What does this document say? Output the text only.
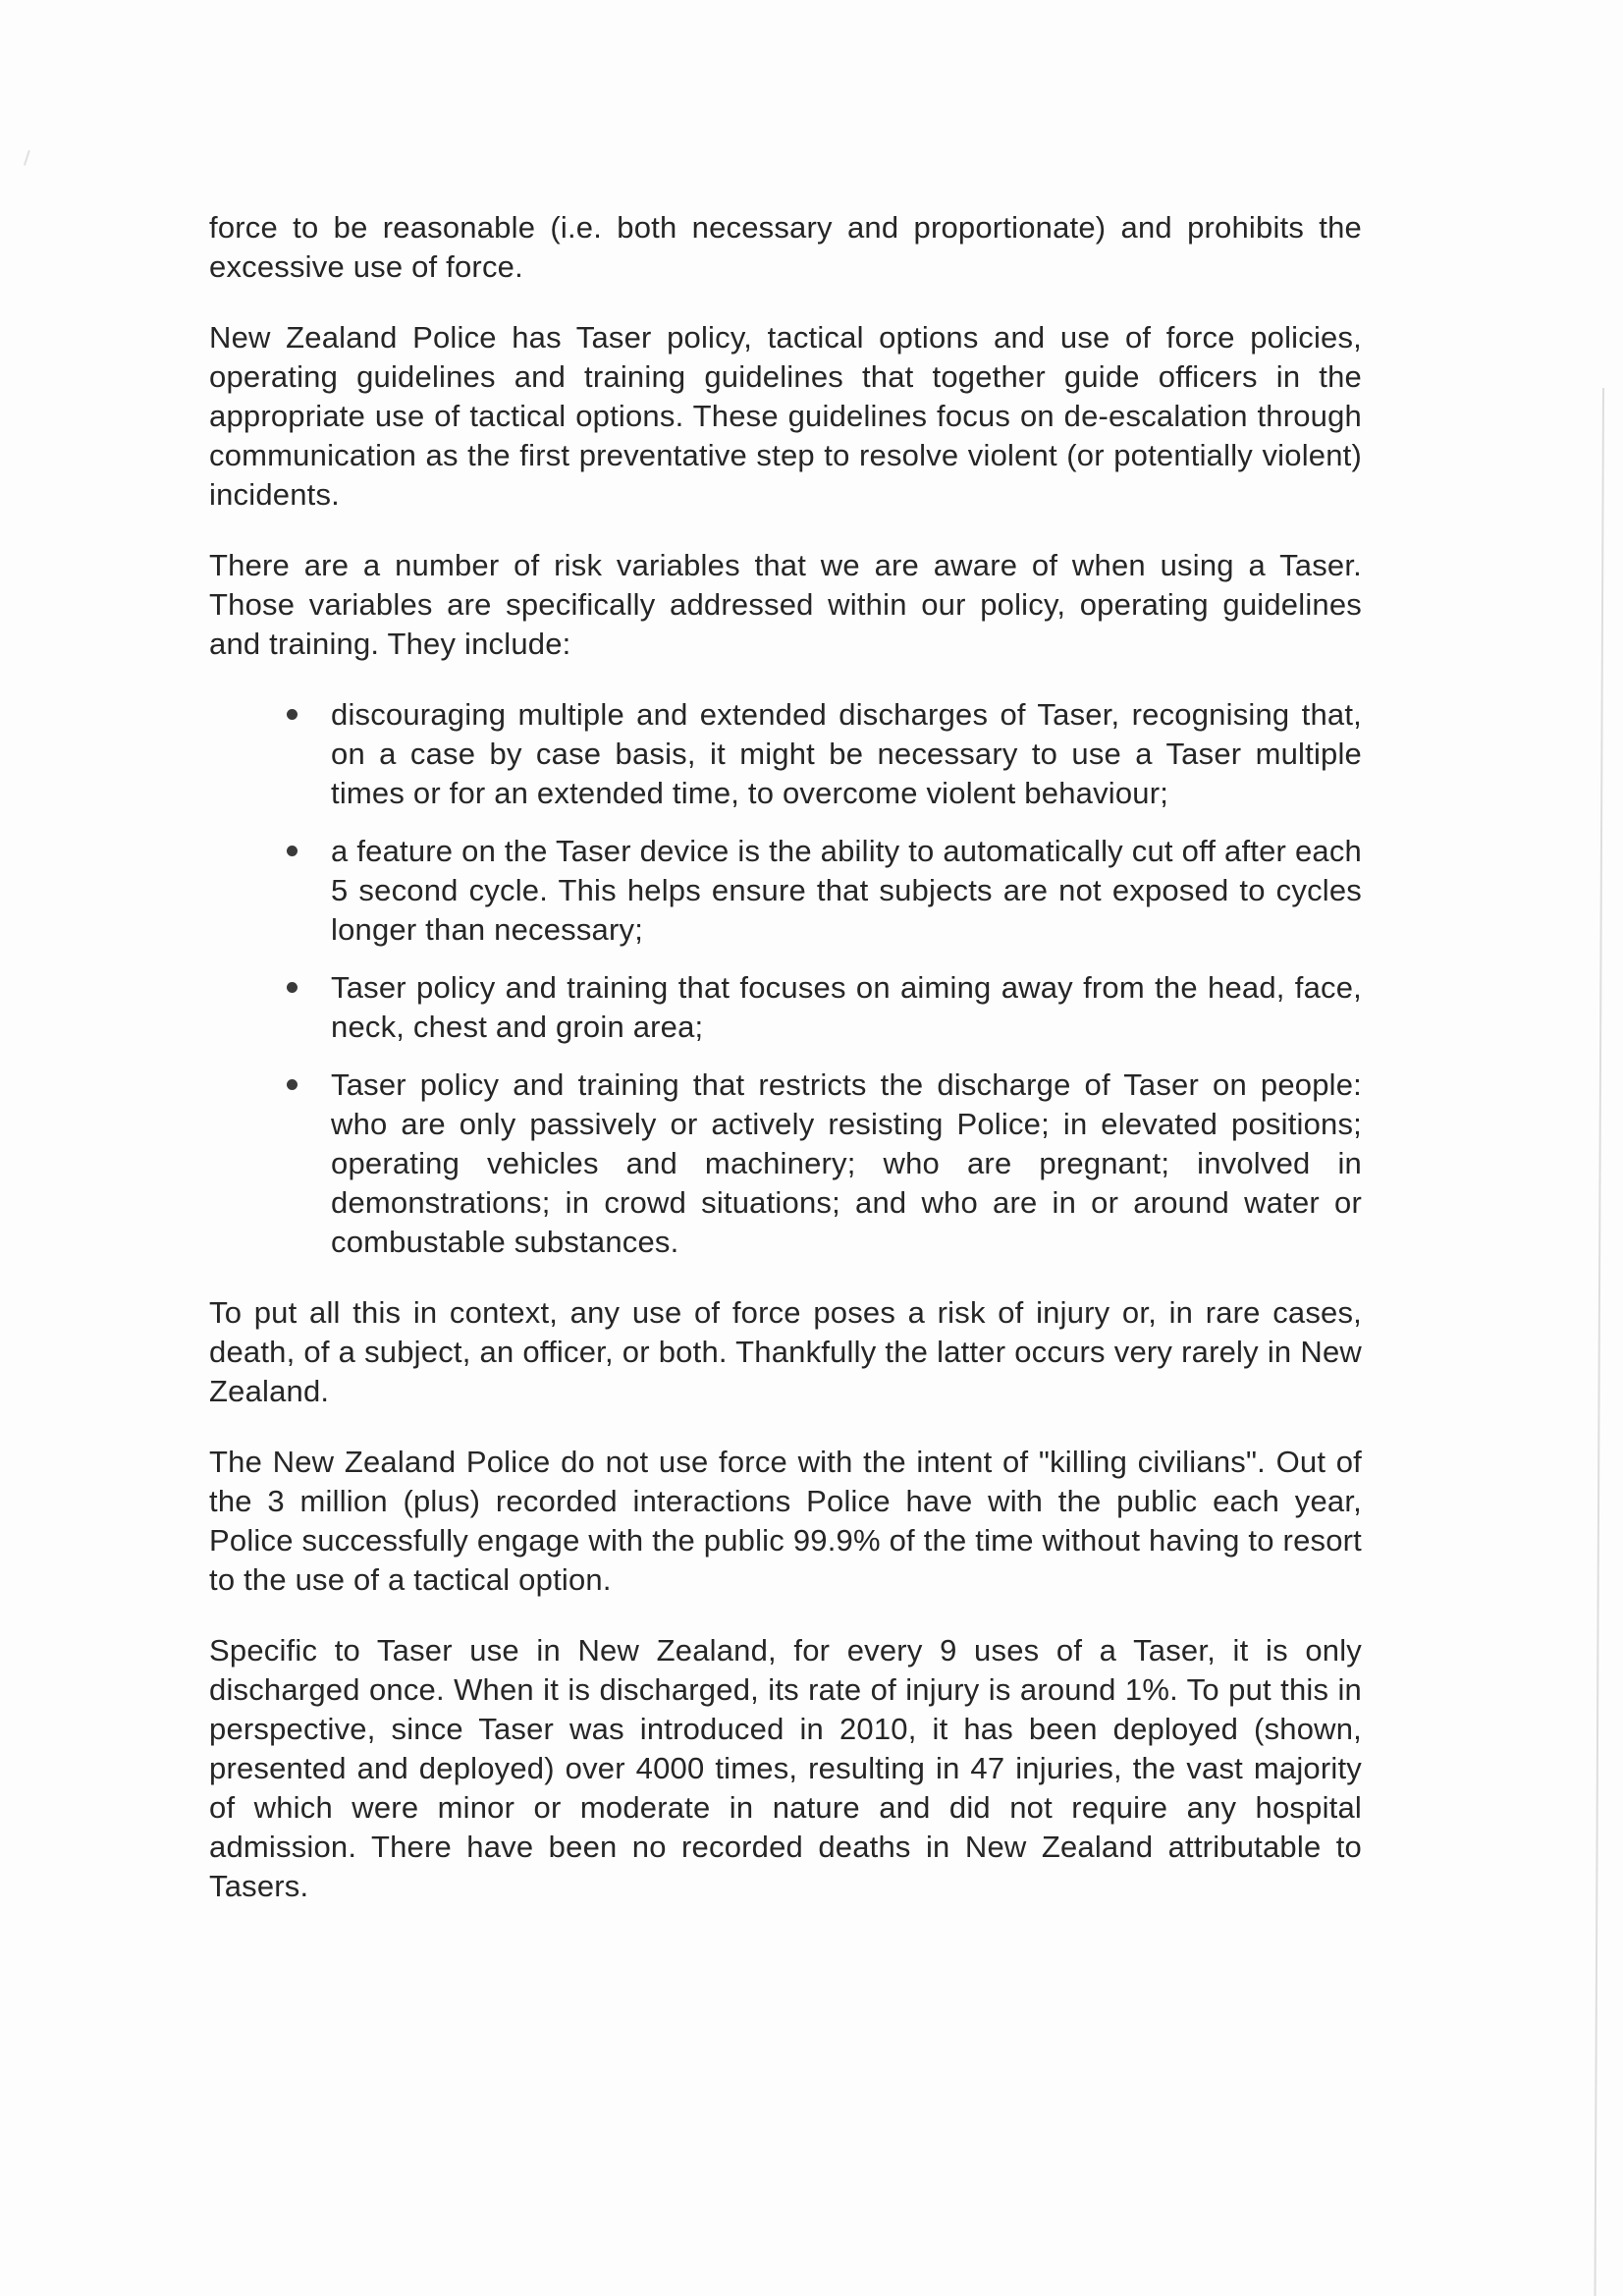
force to be reasonable (i.e. both necessary and proportionate) and prohibits the excessive use of force.

New Zealand Police has Taser policy, tactical options and use of force policies, operating guidelines and training guidelines that together guide officers in the appropriate use of tactical options. These guidelines focus on de-escalation through communication as the first preventative step to resolve violent (or potentially violent) incidents.

There are a number of risk variables that we are aware of when using a Taser. Those variables are specifically addressed within our policy, operating guidelines and training. They include:

discouraging multiple and extended discharges of Taser, recognising that, on a case by case basis, it might be necessary to use a Taser multiple times or for an extended time, to overcome violent behaviour;
a feature on the Taser device is the ability to automatically cut off after each 5 second cycle. This helps ensure that subjects are not exposed to cycles longer than necessary;
Taser policy and training that focuses on aiming away from the head, face, neck, chest and groin area;
Taser policy and training that restricts the discharge of Taser on people: who are only passively or actively resisting Police; in elevated positions; operating vehicles and machinery; who are pregnant; involved in demonstrations; in crowd situations; and who are in or around water or combustable substances.

To put all this in context, any use of force poses a risk of injury or, in rare cases, death, of a subject, an officer, or both. Thankfully the latter occurs very rarely in New Zealand.

The New Zealand Police do not use force with the intent of "killing civilians". Out of the 3 million (plus) recorded interactions Police have with the public each year, Police successfully engage with the public 99.9% of the time without having to resort to the use of a tactical option.

Specific to Taser use in New Zealand, for every 9 uses of a Taser, it is only discharged once. When it is discharged, its rate of injury is around 1%. To put this in perspective, since Taser was introduced in 2010, it has been deployed (shown, presented and deployed) over 4000 times, resulting in 47 injuries, the vast majority of which were minor or moderate in nature and did not require any hospital admission. There have been no recorded deaths in New Zealand attributable to Tasers.
